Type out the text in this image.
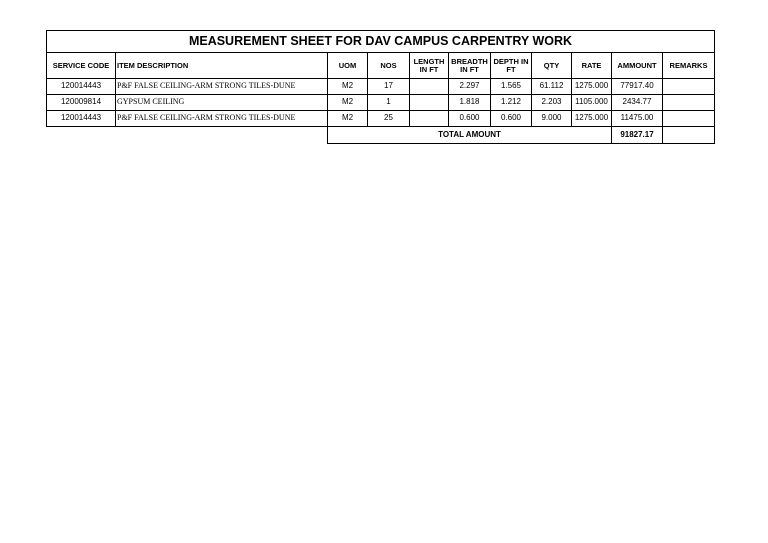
MEASUREMENT SHEET FOR DAV CAMPUS CARPENTRY WORK										
SERVICE CODE	ITEM DESCRIPTION	UOM	NOS	LENGTH IN FT	BREADTH IN FT	DEPTH IN FT	QTY	RATE	AMMOUNT	REMARKS
120014443	P&F FALSE CEILING-ARM STRONG TILES-DUNE	M2	17		2.297	1.565	61.112	1275.000	77917.40	
120009814	GYPSUM CEILING	M2	1		1.818	1.212	2.203	1105.000	2434.77	
120014443	P&F FALSE CEILING-ARM STRONG TILES-DUNE	M2	25		0.600	0.600	9.000	1275.000	11475.00	
		TOTAL AMOUNT							91827.17	
